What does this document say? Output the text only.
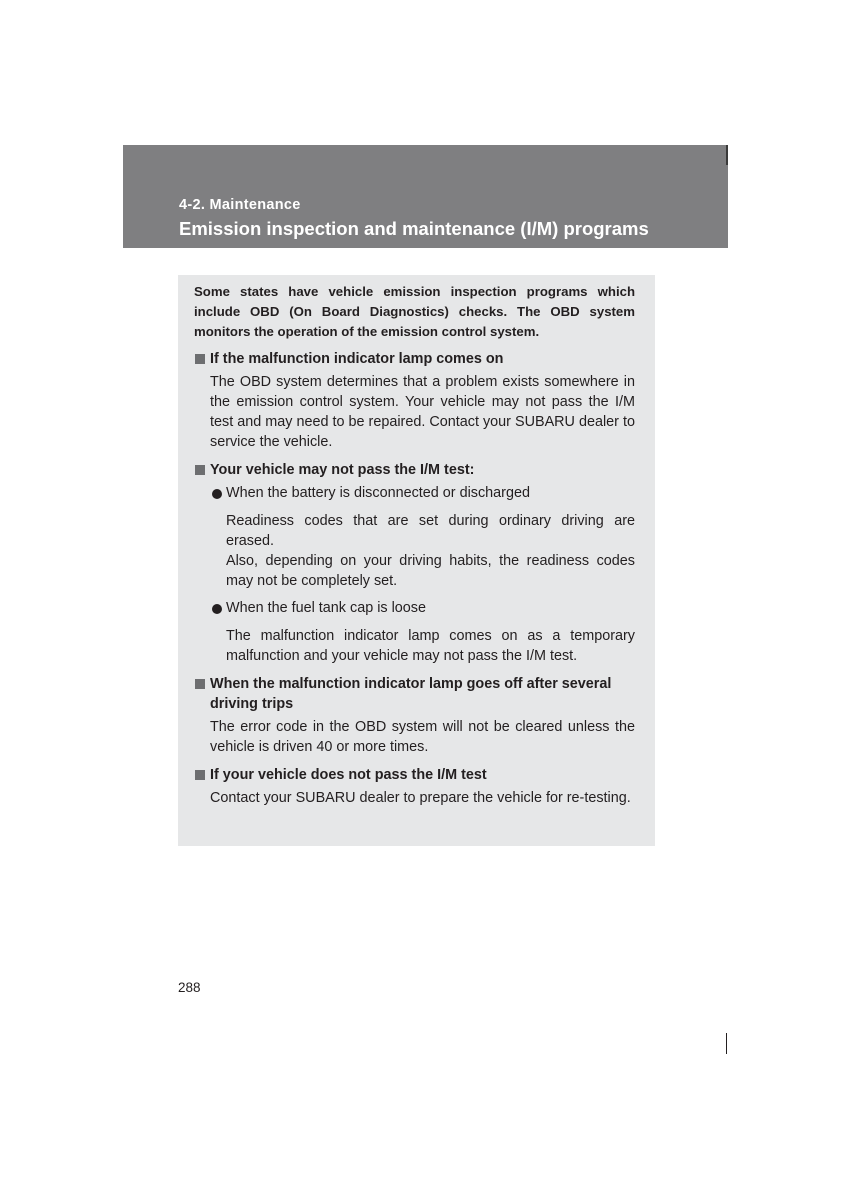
4-2. Maintenance
Emission inspection and maintenance (I/M) programs
Some states have vehicle emission inspection programs which include OBD (On Board Diagnostics) checks. The OBD system monitors the operation of the emission control system.
If the malfunction indicator lamp comes on
The OBD system determines that a problem exists somewhere in the emission control system. Your vehicle may not pass the I/M test and may need to be repaired. Contact your SUBARU dealer to service the vehicle.
Your vehicle may not pass the I/M test:
When the battery is disconnected or discharged
Readiness codes that are set during ordinary driving are erased.
Also, depending on your driving habits, the readiness codes may not be completely set.
When the fuel tank cap is loose
The malfunction indicator lamp comes on as a temporary malfunction and your vehicle may not pass the I/M test.
When the malfunction indicator lamp goes off after several driving trips
The error code in the OBD system will not be cleared unless the vehicle is driven 40 or more times.
If your vehicle does not pass the I/M test
Contact your SUBARU dealer to prepare the vehicle for re-testing.
288
